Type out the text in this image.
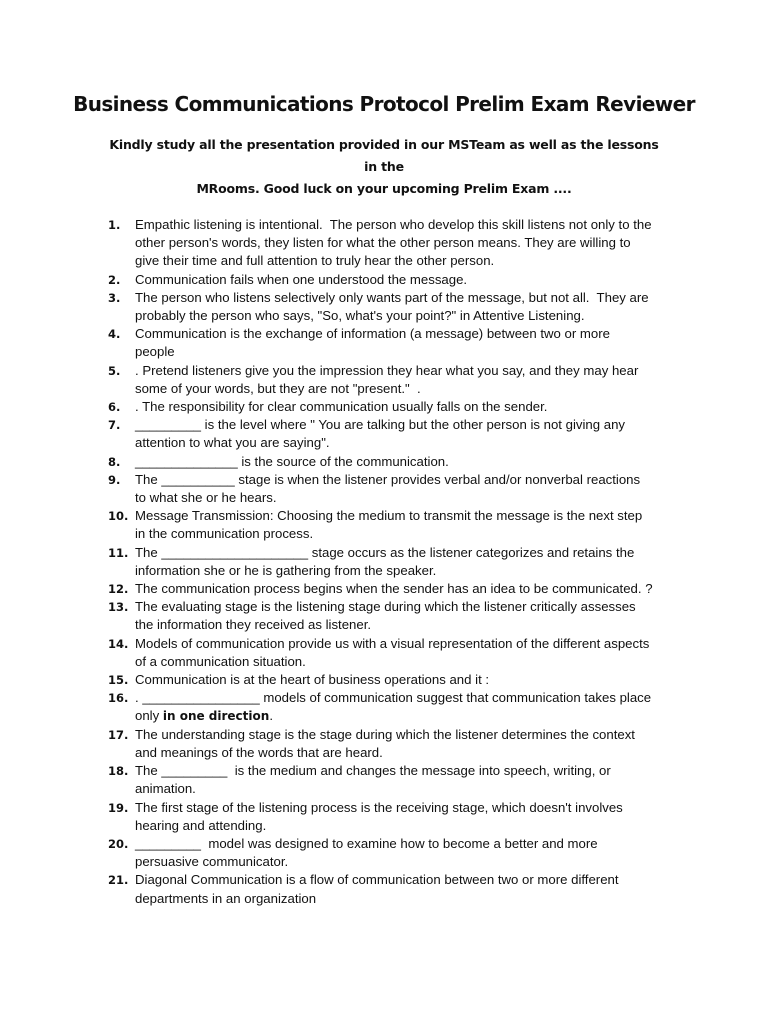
Business Communications Protocol Prelim Exam Reviewer

Kindly study all the presentation provided in our MSTeam as well as the lessons in the
MRooms. Good luck on your upcoming Prelim Exam ....

1.	Empathic listening is intentional.  The person who develop this skill listens not only to the
other person's words, they listen for what the other person means. They are willing to
give their time and full attention to truly hear the other person.
2.	Communication fails when one understood the message.
3.	The person who listens selectively only wants part of the message, but not all.  They are
probably the person who says, "So, what's your point?" in Attentive Listening.
4.	Communication is the exchange of information (a message) between two or more
people
5.	. Pretend listeners give you the impression they hear what you say, and they may hear
some of your words, but they are not "present."  .
6.	. The responsibility for clear communication usually falls on the sender.
7.	_________ is the level where " You are talking but the other person is not giving any
attention to what you are saying".
8.	______________ is the source of the communication.
9.	The __________ stage is when the listener provides verbal and/or nonverbal reactions
to what she or he hears.
10. Message Transmission: Choosing the medium to transmit the message is the next step
in the communication process.
11. The ____________________ stage occurs as the listener categorizes and retains the
information she or he is gathering from the speaker.
12. The communication process begins when the sender has an idea to be communicated. ?
13. The evaluating stage is the listening stage during which the listener critically assesses
the information they received as listener.
14. Models of communication provide us with a visual representation of the different aspects
of a communication situation.
15. Communication is at the heart of business operations and it :
16. . ________________ models of communication suggest that communication takes place
only in one direction.
17. The understanding stage is the stage during which the listener determines the context
and meanings of the words that are heard.
18. The _________  is the medium and changes the message into speech, writing, or
animation.
19. The first stage of the listening process is the receiving stage, which doesn't involves
hearing and attending.
20. _________  model was designed to examine how to become a better and more
persuasive communicator.
21. Diagonal Communication is a flow of communication between two or more different
departments in an organization
